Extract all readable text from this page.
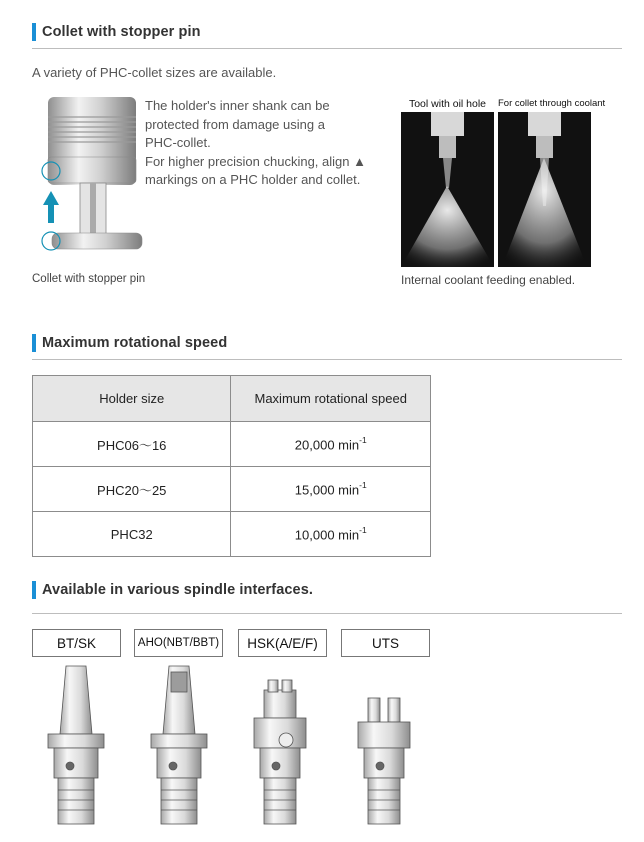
Collet with stopper pin
A variety of PHC-collet sizes are available.
Collet with stopper pin
The holder's inner shank can be
protected from damage using a
PHC-collet.
For higher precision chucking, align ▲
markings on a PHC holder and collet.
Tool with oil hole	For collet through coolant
Internal coolant feeding enabled.
Maximum rotational speed
Holder size	Maximum rotational speed
PHC06～16	20,000 $\min^{-1}$
PHC20～25	15,000 $\min^{-1}$
PHC32	10,000 $\min^{-1}$
Available in various spindle interfaces.
BT/SK	AHO(NBT/BBT)	HSK(A/E/F)	UTS
